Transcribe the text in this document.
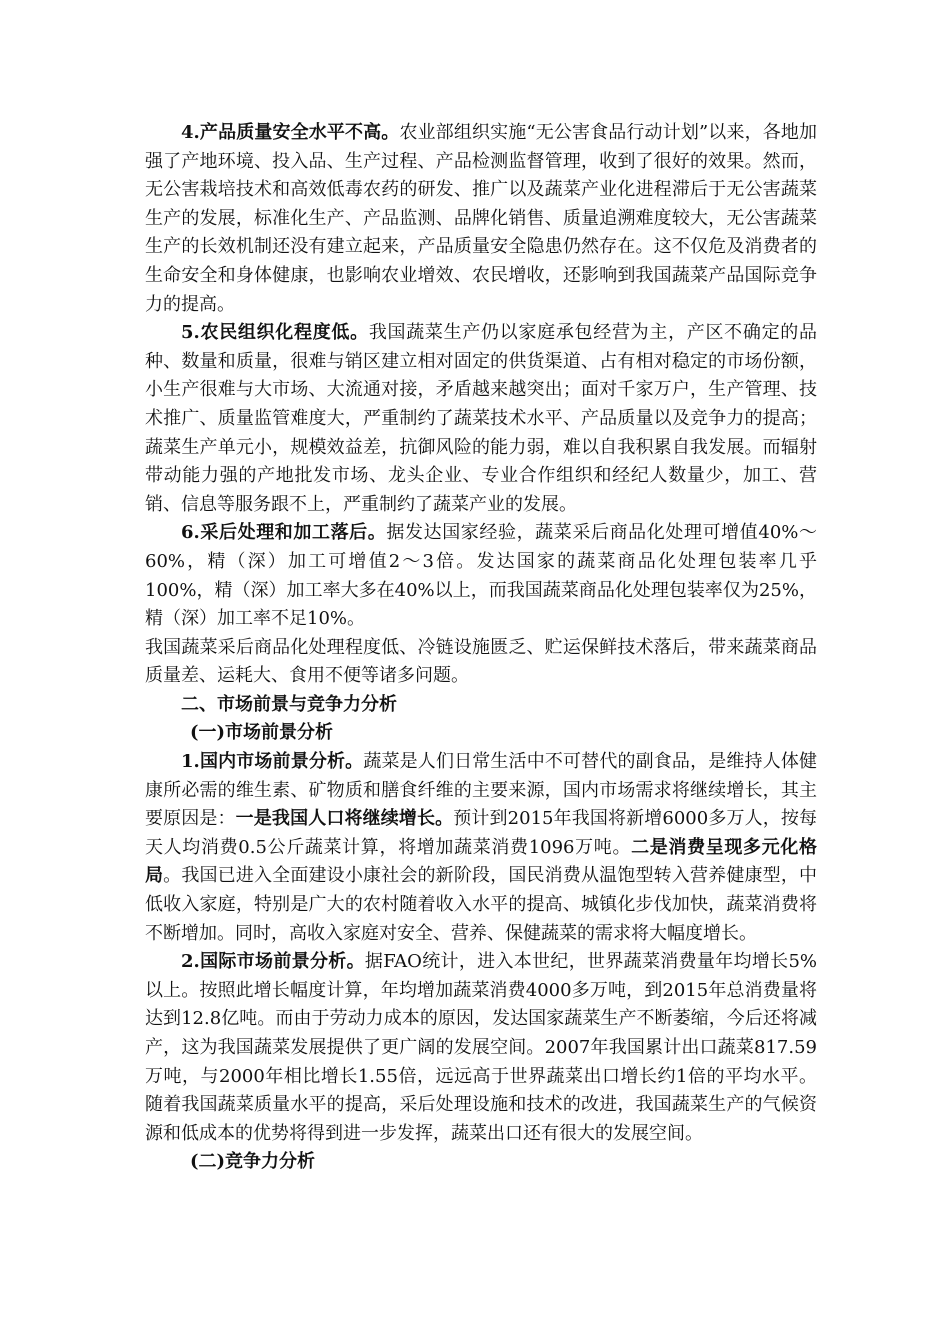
4.产品质量安全水平不高。农业部组织实施“无公害食品行动计划”以来，各地加强了产地环境、投入品、生产过程、产品检测监督管理，收到了很好的效果。然而，无公害栽培技术和高效低毒农药的研发、推广以及蔬菜产业化进程滞后于无公害蔬菜生产的发展，标准化生产、产品监测、品牌化销售、质量追溯难度较大，无公害蔬菜生产的长效机制还没有建立起来，产品质量安全隐患仍然存在。这不仅危及消费者的生命安全和身体健康，也影响农业增效、农民增收，还影响到我国蔬菜产品国际竞争力的提高。

5.农民组织化程度低。我国蔬菜生产仍以家庭承包经营为主，产区不确定的品种、数量和质量，很难与销区建立相对固定的供货渠道、占有相对稳定的市场份额，小生产很难与大市场、大流通对接，矛盾越来越突出；面对千家万户，生产管理、技术推广、质量监管难度大，严重制约了蔬菜技术水平、产品质量以及竞争力的提高；蔬菜生产单元小，规模效益差，抗御风险的能力弱，难以自我积累自我发展。而辐射带动能力强的产地批发市场、龙头企业、专业合作组织和经纪人数量少，加工、营销、信息等服务跟不上，严重制约了蔬菜产业的发展。

6.采后处理和加工落后。据发达国家经验，蔬菜采后商品化处理可增值40%～60%，精（深）加工可增值2～3倍。发达国家的蔬菜商品化处理包装率几乎100%，精（深）加工率大多在40%以上，而我国蔬菜商品化处理包装率仅为25%，精（深）加工率不足10%。

我国蔬菜采后商品化处理程度低、冷链设施匮乏、贮运保鲜技术落后，带来蔬菜商品质量差、运耗大、食用不便等诸多问题。

二、市场前景与竞争力分析

(一)市场前景分析

1.国内市场前景分析。蔬菜是人们日常生活中不可替代的副食品，是维持人体健康所必需的维生素、矿物质和膳食纤维的主要来源，国内市场需求将继续增长，其主要原因是：一是我国人口将继续增长。预计到2015年我国将新增6000多万人，按每天人均消费0.5公斤蔬菜计算，将增加蔬菜消费1096万吨。二是消费呈现多元化格局。我国已进入全面建设小康社会的新阶段，国民消费从温饱型转入营养健康型，中低收入家庭，特别是广大的农村随着收入水平的提高、城镇化步伐加快，蔬菜消费将不断增加。同时，高收入家庭对安全、营养、保健蔬菜的需求将大幅度增长。

2.国际市场前景分析。据FAO统计，进入本世纪，世界蔬菜消费量年均增长5%以上。按照此增长幅度计算，年均增加蔬菜消费4000多万吨，到2015年总消费量将达到12.8亿吨。而由于劳动力成本的原因，发达国家蔬菜生产不断萎缩，今后还将减产，这为我国蔬菜发展提供了更广阔的发展空间。2007年我国累计出口蔬菜817.59万吨，与2000年相比增长1.55倍，远远高于世界蔬菜出口增长约1倍的平均水平。随着我国蔬菜质量水平的提高，采后处理设施和技术的改进，我国蔬菜生产的气候资源和低成本的优势将得到进一步发挥，蔬菜出口还有很大的发展空间。

(二)竞争力分析
